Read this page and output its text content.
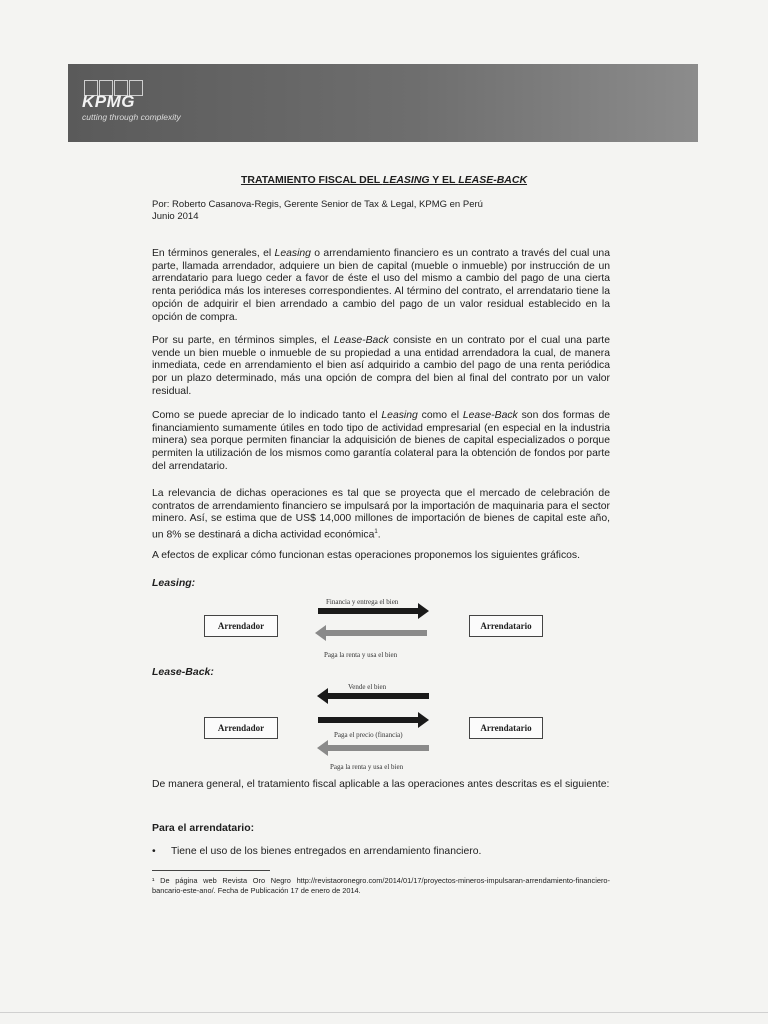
KPMG
cutting through complexity
TRATAMIENTO FISCAL DEL LEASING Y EL LEASE-BACK
Por: Roberto Casanova-Regis, Gerente Senior de Tax & Legal, KPMG en Perú
Junio 2014

En términos generales, el Leasing o arrendamiento financiero es un contrato a través del cual una parte, llamada arrendador, adquiere un bien de capital (mueble o inmueble) por instrucción de un arrendatario para luego ceder a favor de éste el uso del mismo a cambio del pago de una cierta renta periódica más los intereses correspondientes. Al término del contrato, el arrendatario tiene la opción de adquirir el bien arrendado a cambio del pago de un valor residual establecido en la opción de compra.

Por su parte, en términos simples, el Lease-Back consiste en un contrato por el cual una parte vende un bien mueble o inmueble de su propiedad a una entidad arrendadora la cual, de manera inmediata, cede en arrendamiento el bien así adquirido a cambio del pago de una renta periódica por un plazo determinado, más una opción de compra del bien al final del contrato por un valor residual.

Como se puede apreciar de lo indicado tanto el Leasing como el Lease-Back son dos formas de financiamiento sumamente útiles en todo tipo de actividad empresarial (en especial en la industria minera) sea porque permiten financiar la adquisición de bienes de capital especializados o porque permiten la utilización de los mismos como garantía colateral para la obtención de fondos por parte del arrendatario.

La relevancia de dichas operaciones es tal que se proyecta que el mercado de celebración de contratos de arrendamiento financiero se impulsará por la importación de maquinaria para el sector minero. Así, se estima que de US$ 14,000 millones de importación de bienes de capital este año, un 8% se destinará a dicha actividad económica$^1$.

A efectos de explicar cómo funcionan estas operaciones proponemos los siguientes gráficos.

Leasing:
Financia y entrega el bien
Arrendador	Arrendatario
Paga la renta y usa el bien
Lease-Back:
Vende el bien
Arrendador	Arrendatario
Paga el precio (financia)
Paga la renta y usa el bien

De manera general, el tratamiento fiscal aplicable a las operaciones antes descritas es el siguiente:

Para el arrendatario:
•	Tiene el uso de los bienes entregados en arrendamiento financiero.

¹ De página web Revista Oro Negro http://revistaoronegro.com/2014/01/17/proyectos-mineros-impulsaran-arrendamiento-financiero-bancario-este-ano/. Fecha de Publicación 17 de enero de 2014.
